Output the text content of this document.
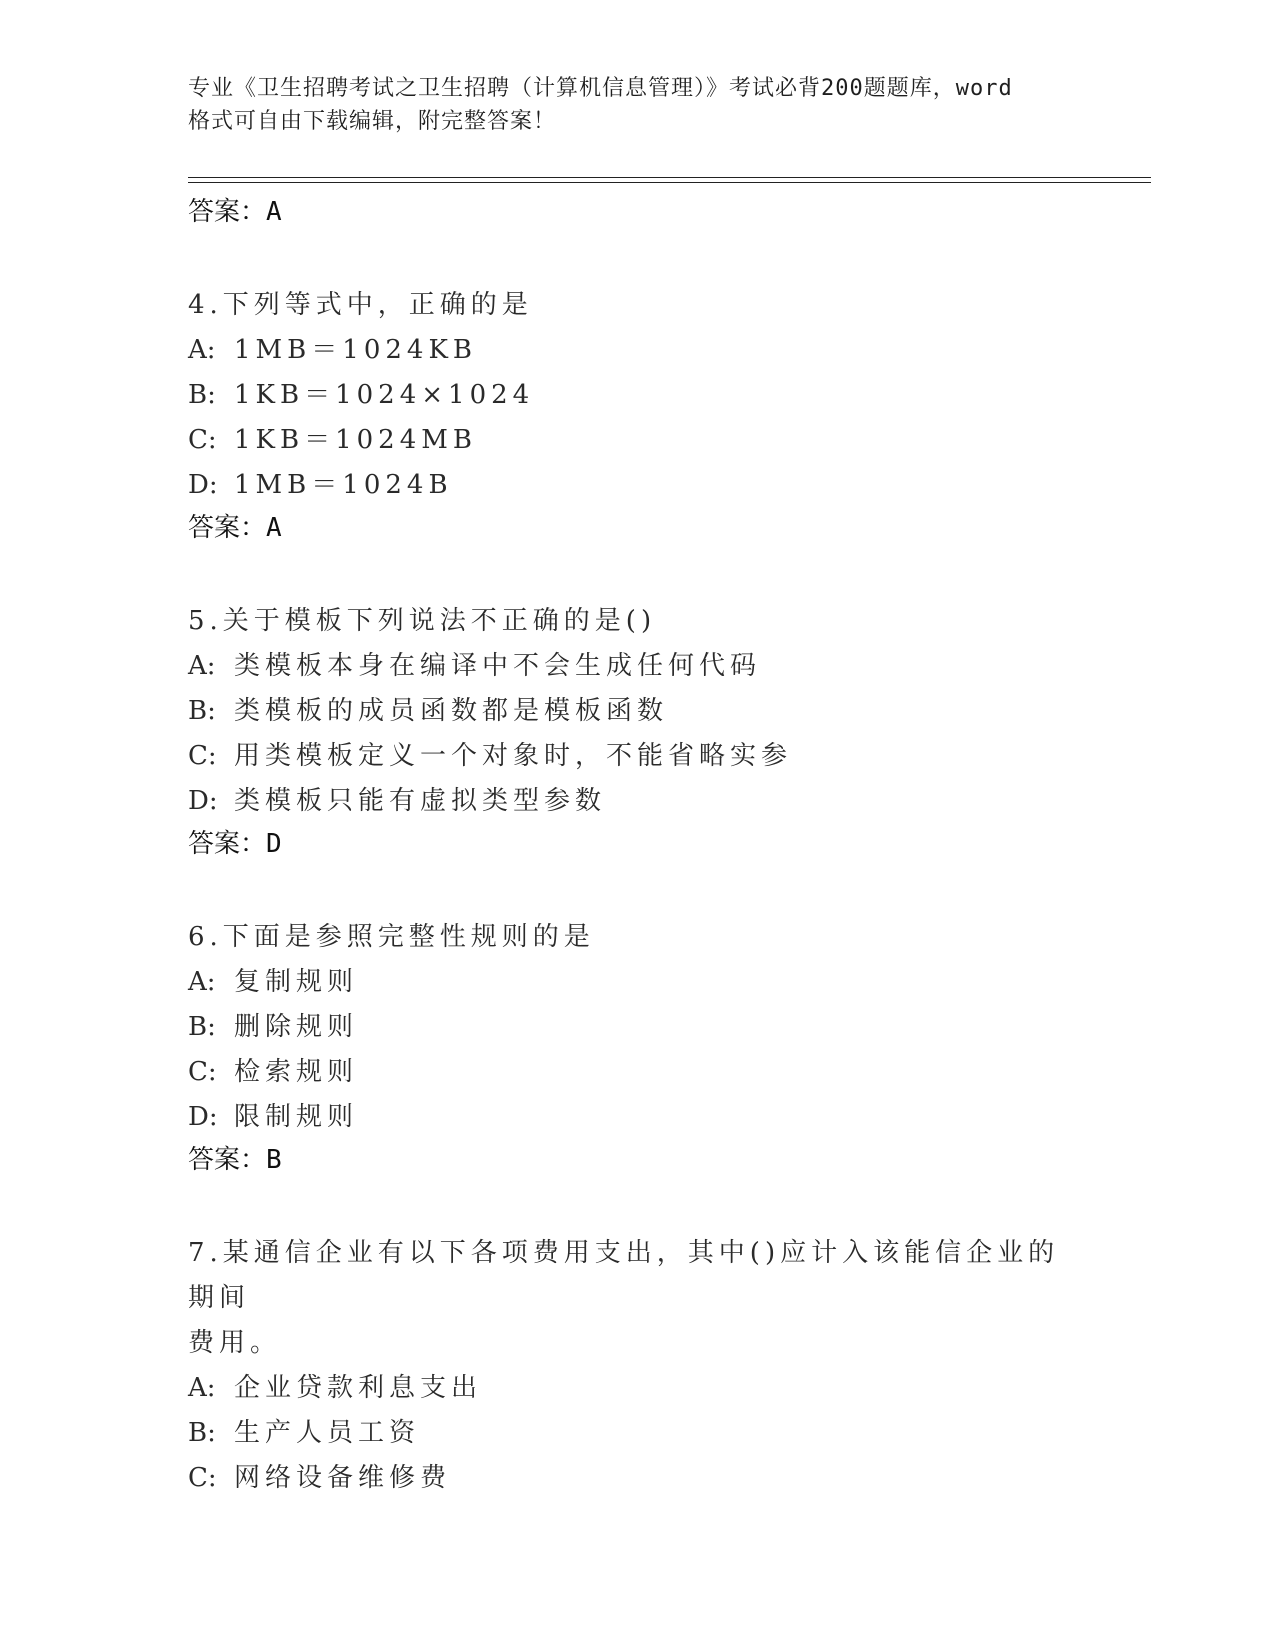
专业《卫生招聘考试之卫生招聘（计算机信息管理）》考试必背200题题库，word
格式可自由下载编辑，附完整答案！

答案：A

4.下列等式中，正确的是

A: 1MB＝1024KB

B: 1KB＝1024×1024

C: 1KB＝1024MB

D: 1MB＝1024B

答案：A

5.关于模板下列说法不正确的是()

A: 类模板本身在编译中不会生成任何代码

B: 类模板的成员函数都是模板函数

C: 用类模板定义一个对象时，不能省略实参

D: 类模板只能有虚拟类型参数

答案：D

6.下面是参照完整性规则的是

A: 复制规则

B: 删除规则

C: 检索规则

D: 限制规则

答案：B

7.某通信企业有以下各项费用支出，其中()应计入该能信企业的期间

费用。

A: 企业贷款利息支出

B: 生产人员工资

C: 网络设备维修费
